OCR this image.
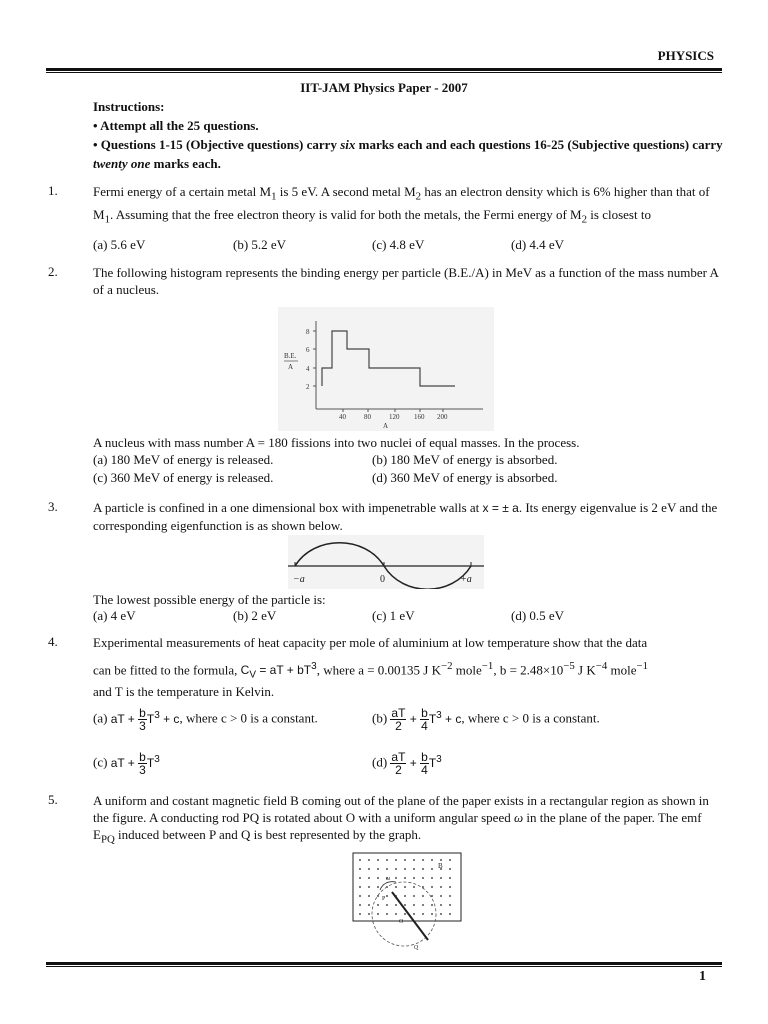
PHYSICS
IIT-JAM Physics Paper - 2007
Instructions:
• Attempt all the 25 questions.
• Questions 1-15 (Objective questions) carry six marks each and each questions 16-25 (Subjective questions) carry twenty one marks each.
1.	Fermi energy of a certain metal $M_1$ is 5 eV. A second metal $M_2$ has an electron density which is 6% higher than that of $M_1$. Assuming that the free electron theory is valid for both the metals, the Fermi energy of $M_2$ is closest to
(a) 5.6 eV	(b) 5.2 eV	(c) 4.8 eV	(d) 4.4 eV
2.	The following histogram represents the binding energy per particle (B.E./A) in MeV as a function of the mass number A of a nucleus.
2
4
6
8
40	80	120 160 200
A
B.E.
A
A nucleus with mass number A = 180 fissions into two nuclei of equal masses. In the process.
(a) 180 MeV of energy is released.	(b) 180 MeV of energy is absorbed.
(c) 360 MeV of energy is released.	(d) 360 MeV of energy is absorbed.
3.	A particle is confined in a one dimensional box with impenetrable walls at x = ± a. Its energy eigenvalue is 2 eV and the corresponding eigenfunction is as shown below.
−a	0	+a
The lowest possible energy of the particle is:
(a) 4 eV	(b) 2 eV	(c) 1 eV	(d) 0.5 eV
4.	Experimental measurements of heat capacity per mole of aluminium at low temperature show that the data
can be fitted to the formula, $C_V$ = aT + $bT^3$, where a = 0.00135 J $K^{-2}$ mole$^{-1}$, $b = 2.48\times 10^{-5}$ J $K^{-4}$ mole$^{-1}$
and T is the temperature in Kelvin.
(a) aT + $\frac{b}{3} T^3 + c$, where c > 0 is a constant.	$(b) \frac{aT}{2} + \frac{b}{4} T^3 + c$, where c > 0 is a constant.
(c) aT + $\frac{b}{3} T^3$	$(d) \frac{aT}{2} + \frac{b}{4} T^3$
5.	A uniform and costant magnetic field B coming out of the plane of the paper exists in a rectangular region as shown in the figure. A conducting rod PQ is rotated about O with a uniform angular speed ω in the plane of the paper. The emf $E_{PQ}$ induced between P and Q is best represented by the graph.
ω
P
O
Q
B
1
